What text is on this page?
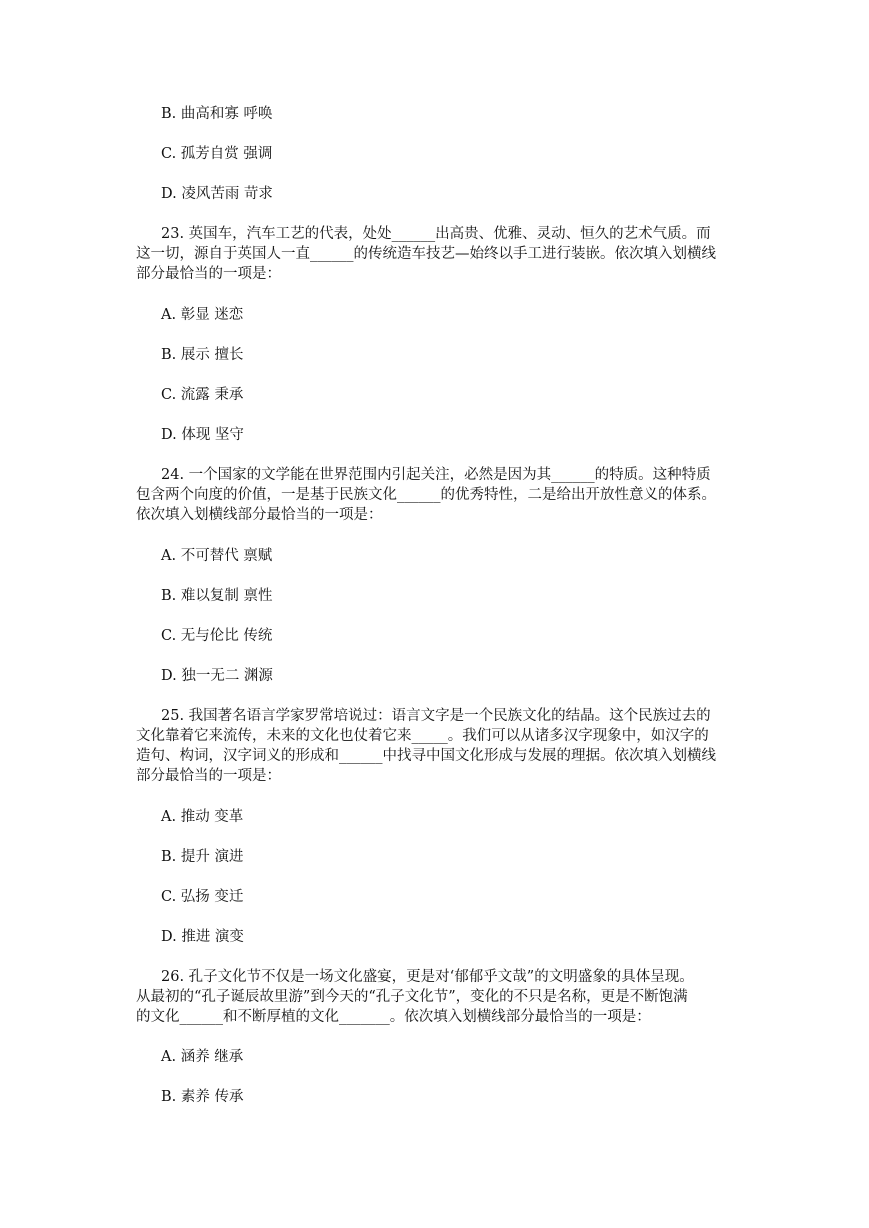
B. 曲高和寡 呼唤
C. 孤芳自赏 强调
D. 凌风苦雨 苛求
23. 英国车，汽车工艺的代表，处处______出高贵、优雅、灵动、恒久的艺术气质。而
这一切，源自于英国人一直______的传统造车技艺—始终以手工进行装嵌。依次填入划横线
部分最恰当的一项是：
A. 彰显 迷恋
B. 展示 擅长
C. 流露 秉承
D. 体现 坚守
24. 一个国家的文学能在世界范围内引起关注，必然是因为其______的特质。这种特质
包含两个向度的价值，一是基于民族文化______的优秀特性，二是给出开放性意义的体系。
依次填入划横线部分最恰当的一项是：
A. 不可替代 禀赋
B. 难以复制 禀性
C. 无与伦比 传统
D. 独一无二 渊源
25. 我国著名语言学家罗常培说过：语言文字是一个民族文化的结晶。这个民族过去的
文化靠着它来流传，未来的文化也仗着它来_____。我们可以从诸多汉字现象中，如汉字的
造句、构词，汉字词义的形成和______中找寻中国文化形成与发展的理据。依次填入划横线
部分最恰当的一项是：
A. 推动 变革
B. 提升 演进
C. 弘扬 变迁
D. 推进 演变
26. 孔子文化节不仅是一场文化盛宴，更是对‘郁郁乎文哉”的文明盛象的具体呈现。
从最初的“孔子诞辰故里游”到今天的“孔子文化节”，变化的不只是名称，更是不断饱满
的文化______和不断厚植的文化_______。依次填入划横线部分最恰当的一项是：
A. 涵养 继承
B. 素养 传承
